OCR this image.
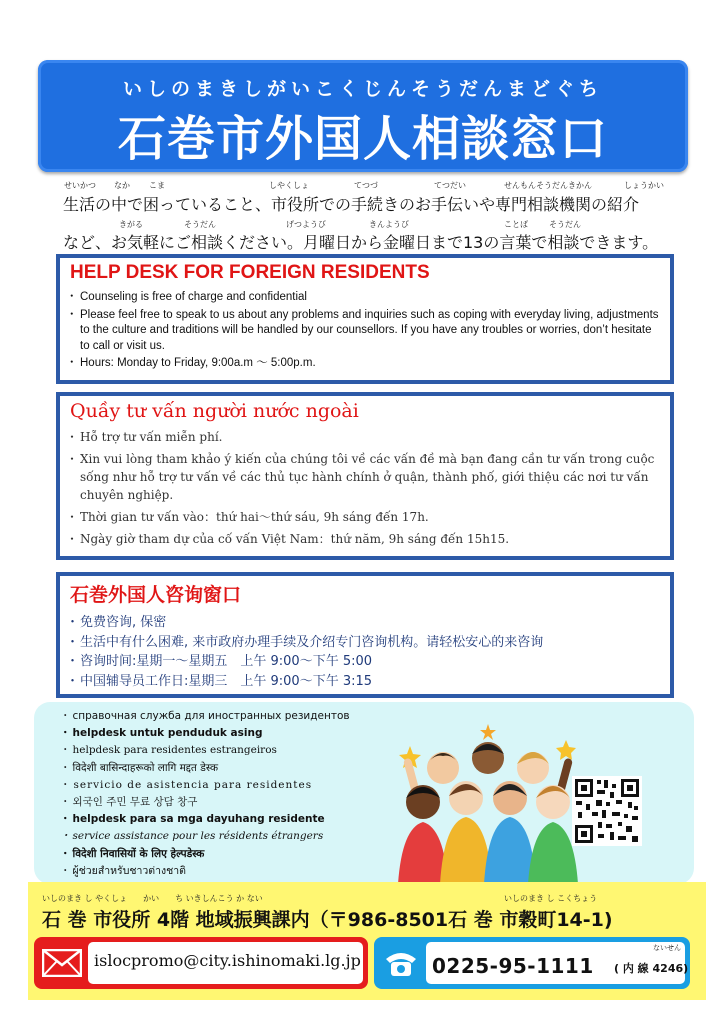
いしのまきしがいこくじんそうだんまどぐち
石巻市外国人相談窓口
せいかつ なか こま	しやくしょ	てつづ	てつだい	せんもんそうだんきかん	しょうかい
生活の中で困っていること、市役所での手続きのお手伝いや専門相談機関の紹介
きがる	そうだん	げつようび	きんようび	ことば	そうだん
など、お気軽にご相談ください。月曜日から金曜日まで13の言葉で相談できます。
HELP DESK FOR FOREIGN RESIDENTS
・ Counseling is free of charge and confidential
・ Please feel free to speak to us about any problems and inquiries such as coping with everyday living, adjustments to the culture and traditions will be handled by our counsellors. If you have any troubles or worries, don’t hesitate to call or visit us.
・ Hours: Monday to Friday, 9:00a.m ～ 5:00p.m.
Quầy tư vấn người nước ngoài
・ Hỗ trợ tư vấn miễn phí.
・ Xin vui lòng tham khảo ý kiến của chúng tôi về các vấn đề mà bạn đang cần tư vấn trong cuộc sống như hỗ trợ tư vấn về các thủ tục hành chính ở quận, thành phố, giới thiệu các nơi tư vấn chuyên nghiệp.
・ Thời gian tư vấn vào：thứ hai～thứ sáu, 9h sáng đến 17h.
・ Ngày giờ tham dự của cố vấn Việt Nam：thứ năm, 9h sáng đến 15h15.
石巻外国人咨询窗口
・ 免费咨询, 保密
・ 生活中有什么困难, 来市政府办理手续及介绍专门咨询机构。请轻松安心的来咨询
・ 咨询时间:星期一～星期五　上午 9:00～下午 5:00
・ 中国辅导员工作日:星期三　上午 9:00～下午 3:15
・ справочная служба для иностранных резидентов
・ helpdesk untuk penduduk asing
・ helpdesk para residentes estrangeiros
・ विदेशी बासिन्दाहरूको लागि मद्दत डेस्क
・ servicio de asistencia para residentes
・ 외국인 주민 무료 상담 창구
・ helpdesk para sa mga dayuhang residente
・ service assistance pour les résidents étrangers
・ विदेशी निवासियों के लिए हेल्पडेस्क
・ ผู้ช่วยสำหรับชาวต่างชาติ
いしのまき し やくしょ　　かい　　ち いきしんこう か ない	いしのまき し こくちょう
石 巻 市役所 4階 地域振興課内（〒986-8501石 巻 市穀町14-1)
islocpromo@city.ishinomaki.lg.jp
ないせん
0225-95-1111 ( 内 線 4246)
